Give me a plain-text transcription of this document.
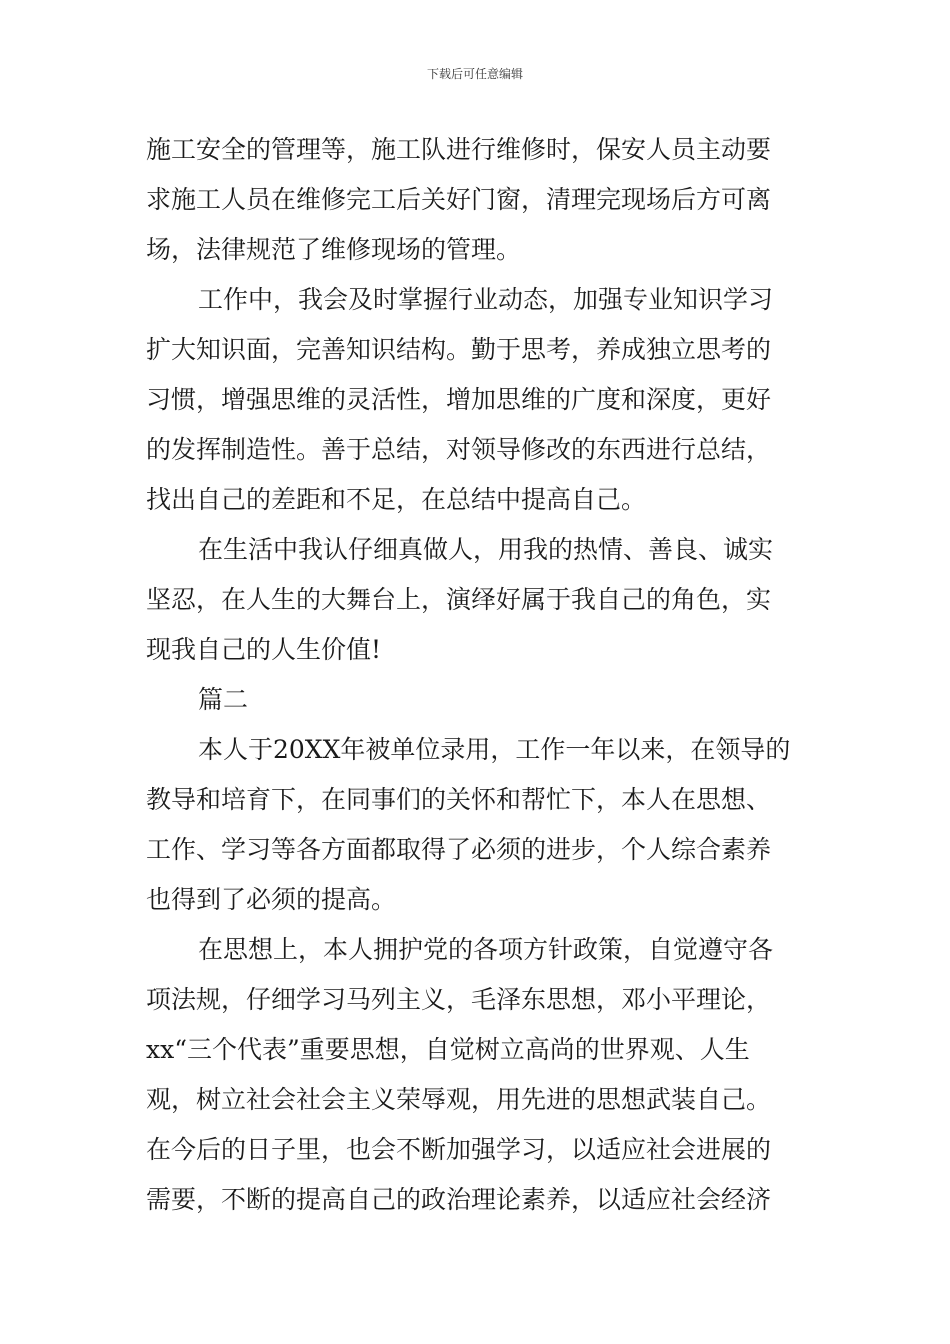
下载后可任意编辑
施工安全的管理等，施工队进行维修时，保安人员主动要
求施工人员在维修完工后关好门窗，清理完现场后方可离
场，法律规范了维修现场的管理。
工作中，我会及时掌握行业动态，加强专业知识学习
扩大知识面，完善知识结构。勤于思考，养成独立思考的
习惯，增强思维的灵活性，增加思维的广度和深度，更好
的发挥制造性。善于总结，对领导修改的东西进行总结，
找出自己的差距和不足，在总结中提高自己。
在生活中我认仔细真做人，用我的热情、善良、诚实
坚忍，在人生的大舞台上，演绎好属于我自己的角色，实
现我自己的人生价值!
篇二
本人于20XX年被单位录用，工作一年以来，在领导的
教导和培育下，在同事们的关怀和帮忙下，本人在思想、
工作、学习等各方面都取得了必须的进步，个人综合素养
也得到了必须的提高。
在思想上，本人拥护党的各项方针政策，自觉遵守各
项法规，仔细学习马列主义，毛泽东思想，邓小平理论，
xx“三个代表”重要思想，自觉树立高尚的世界观、人生
观，树立社会社会主义荣辱观，用先进的思想武装自己。
在今后的日子里，也会不断加强学习，以适应社会进展的
需要，不断的提高自己的政治理论素养，以适应社会经济
